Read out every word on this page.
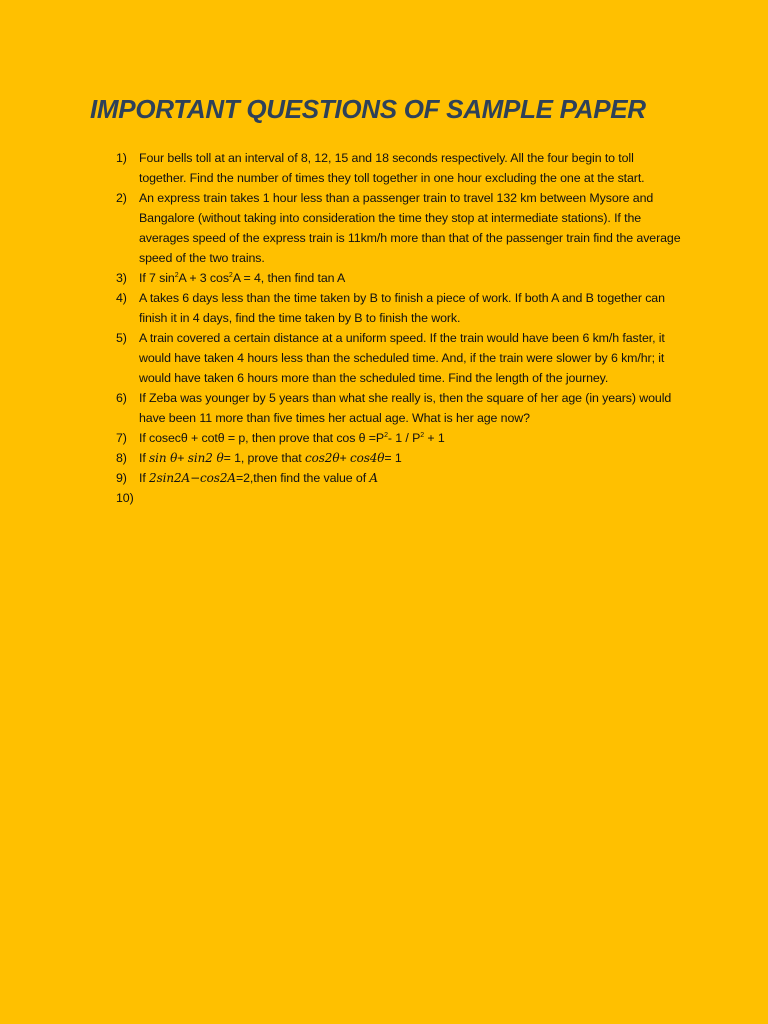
IMPORTANT QUESTIONS OF SAMPLE PAPER
1) Four bells toll at an interval of 8, 12, 15 and 18 seconds respectively. All the four begin to toll together. Find the number of times they toll together in one hour excluding the one at the start.
2) An express train takes 1 hour less than a passenger train to travel 132 km between Mysore and Bangalore (without taking into consideration the time they stop at intermediate stations). If the averages speed of the express train is 11km/h more than that of the passenger train find the average speed of the two trains.
3) If 7 $\sin^2A + 3$ $\cos^2A = 4$, then find tan A
4) A takes 6 days less than the time taken by B to finish a piece of work. If both A and B together can finish it in 4 days, find the time taken by B to finish the work.
5) A train covered a certain distance at a uniform speed. If the train would have been 6 km/h faster, it would have taken 4 hours less than the scheduled time. And, if the train were slower by 6 km/hr; it would have taken 6 hours more than the scheduled time. Find the length of the journey.
6) If Zeba was younger by 5 years than what she really is, then the square of her age (in years) would have been 11 more than five times her actual age. What is her age now?
7) If cosecθ + cotθ = p, then prove that $\cos \theta =P^2-$ $1 / P^2 + 1$
8) If sin θ+ sin2 θ= 1, prove that cos2θ+ cos4θ= 1
9) If 2sin2A−cos2A=2,then find the value of A
10)
